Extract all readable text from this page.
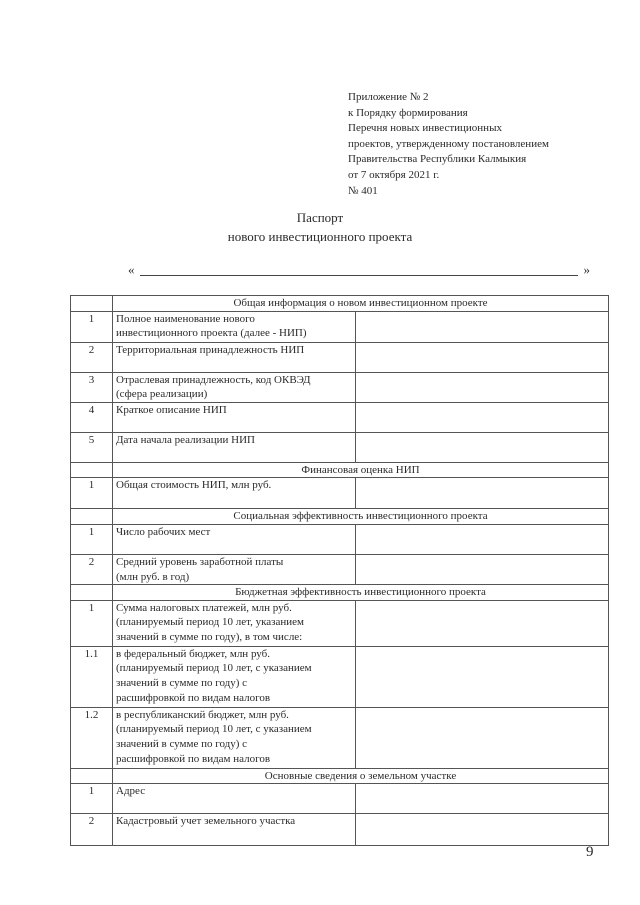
Приложение № 2
к Порядку формирования
Перечня новых инвестиционных
проектов, утвержденному постановлением
Правительства Республики Калмыкия
от 7 октября 2021 г.
№ 401
Паспорт
нового инвестиционного проекта
«	»
	Общая информация о новом инвестиционном проекте	
1	Полное наименование нового
инвестиционного проекта (далее - НИП)	

2	Территориальная принадлежность НИП	
3	Отраслевая принадлежность, код ОКВЭД
(сфера реализации)	

4	Краткое описание НИП	
5	Дата начала реализации НИП	
	Финансовая оценка НИП	
1	Общая стоимость НИП, млн руб.	
	Социальная эффективность инвестиционного проекта	
1	Число рабочих мест	
2	Средний уровень заработной платы
(млн руб. в год)	

	Бюджетная эффективность инвестиционного проекта	
1	Сумма налоговых платежей, млн руб.
(планируемый период 10 лет, указанием
значений в сумме по году), в том числе:	

1.1	в федеральный бюджет, млн руб.
(планируемый период 10 лет, с указанием
значений в сумме по году) с
расшифровкой по видам налогов	

1.2	в республиканский бюджет, млн руб.
(планируемый период 10 лет, с указанием
значений в сумме по году) с
расшифровкой по видам налогов	

	Основные сведения о земельном участке	
1	Адрес	
2	Кадастровый учет земельного участка	
9
